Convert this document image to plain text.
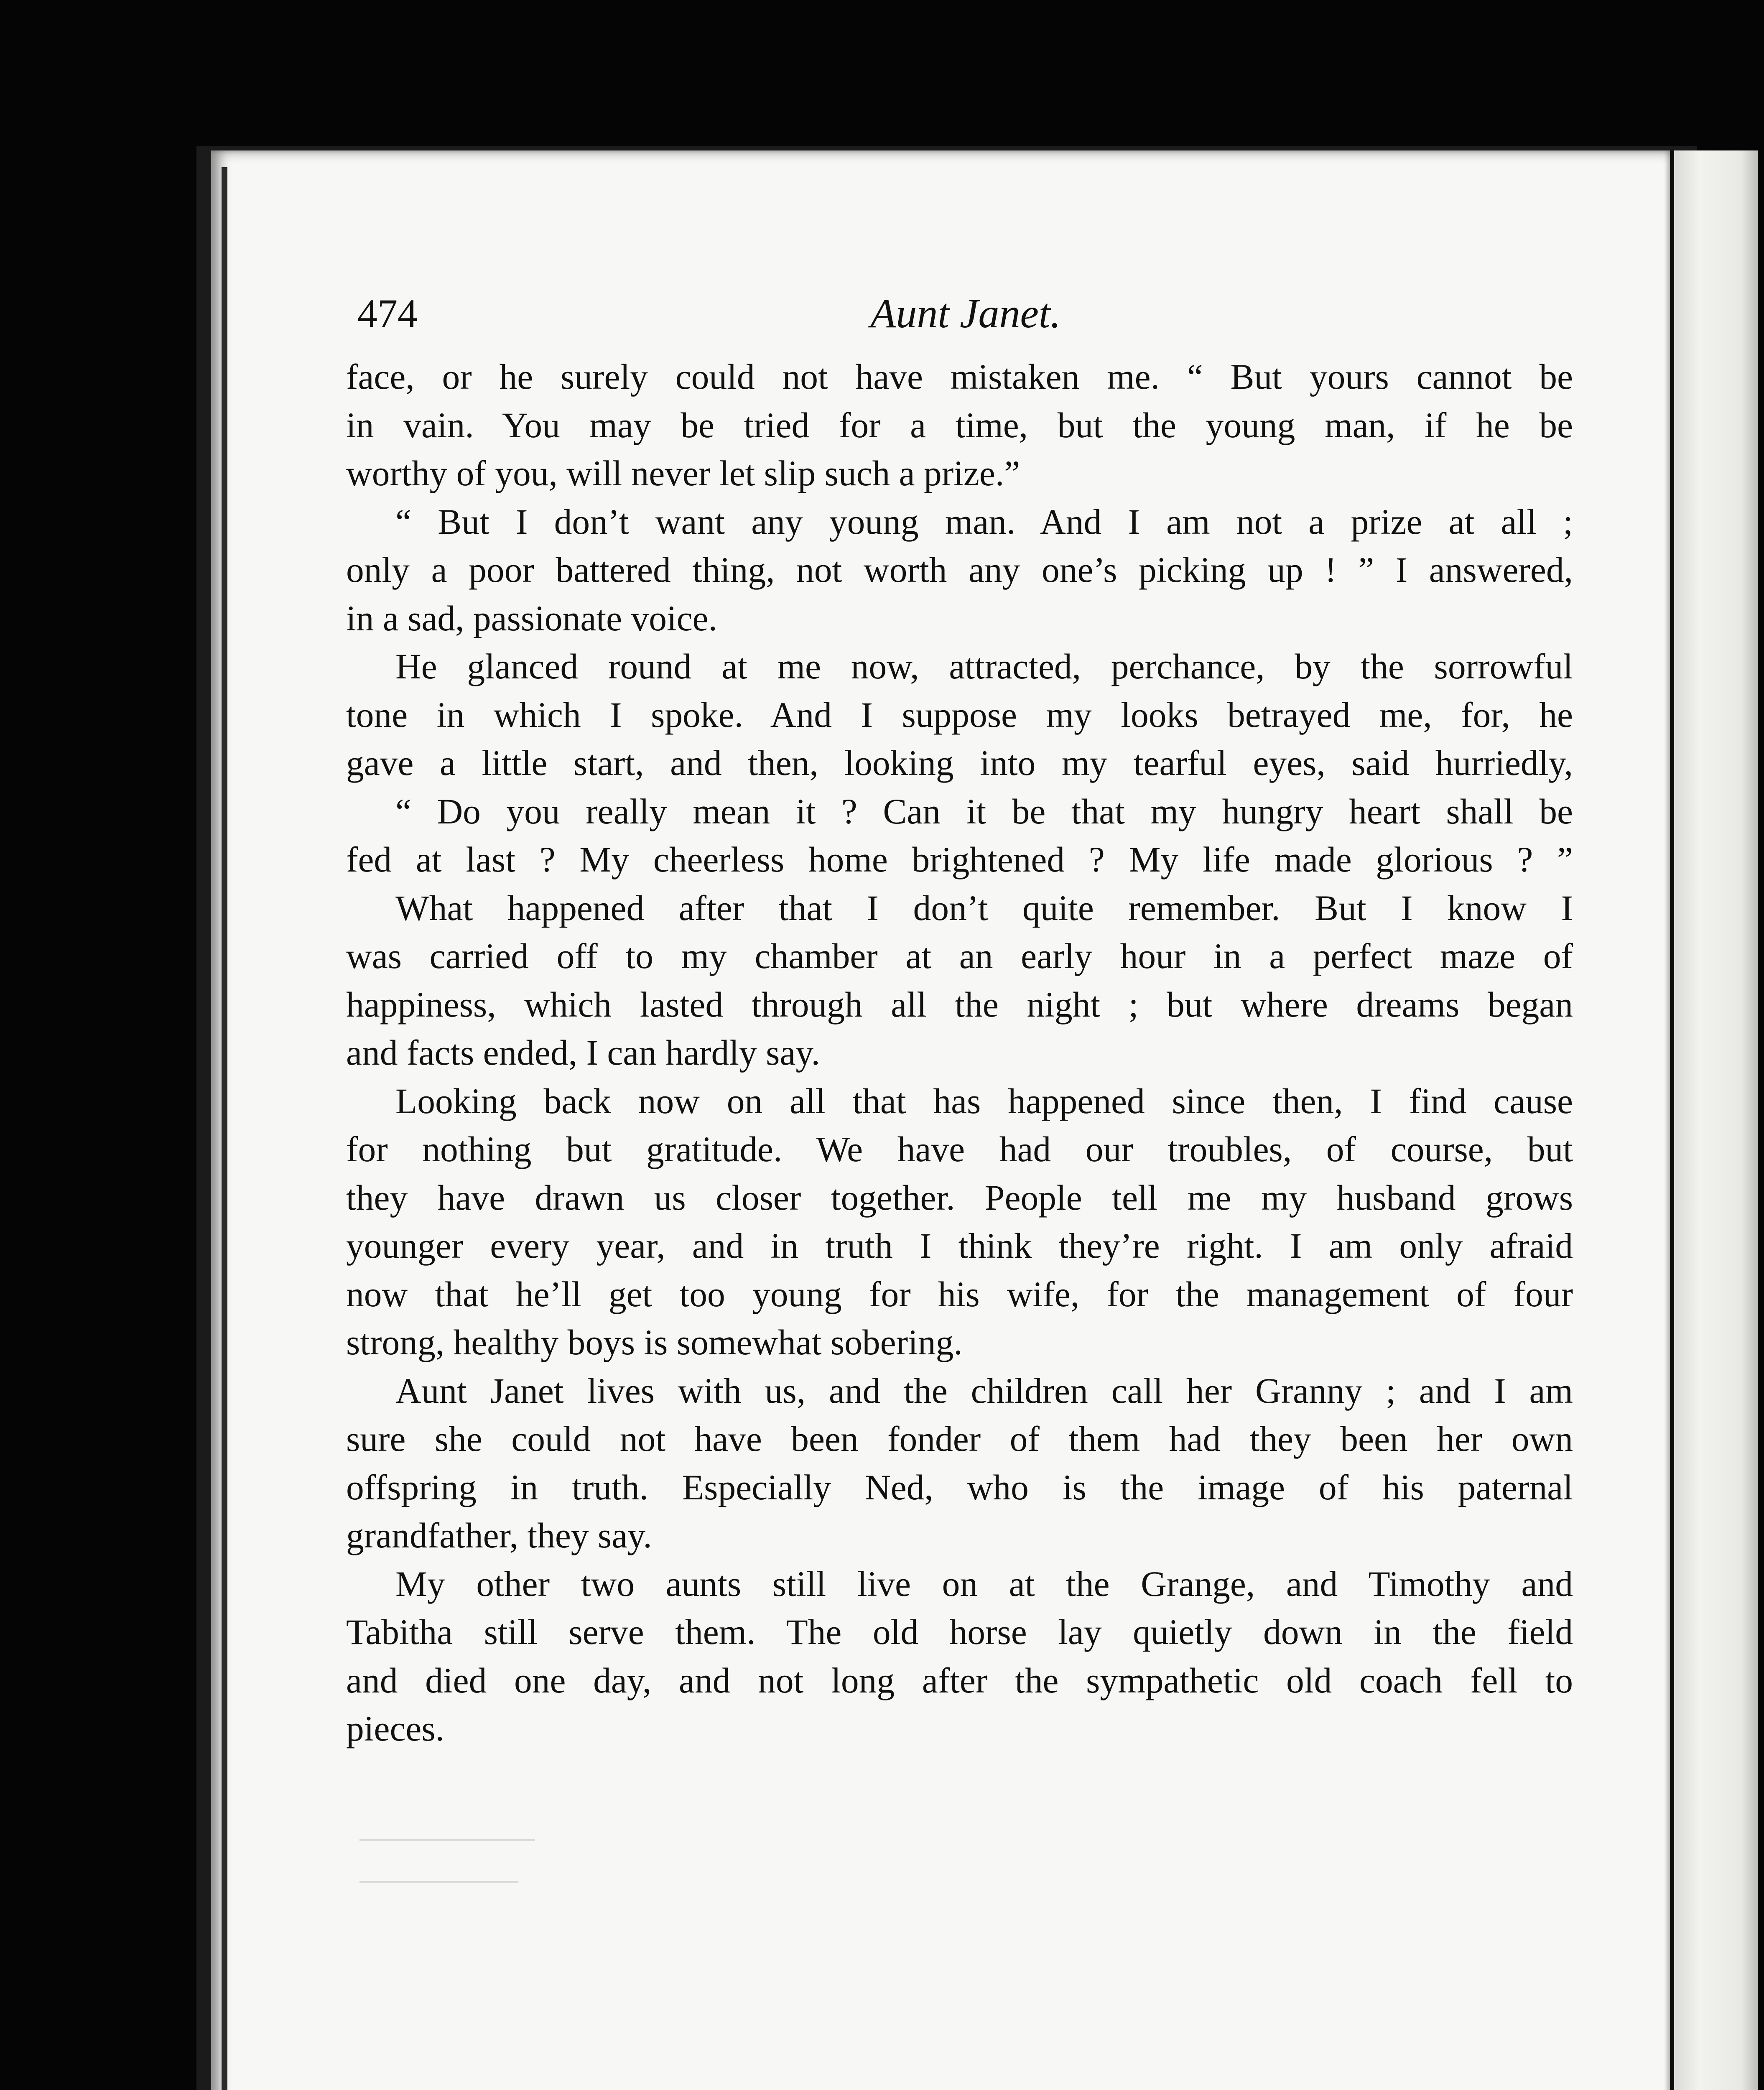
474	Aunt Janet.
face, or he surely could not have mistaken me. “ But yours cannot be
in vain. You may be tried for a time, but the young man, if he be
worthy of you, will never let slip such a prize.”
“ But I don’t want any young man. And I am not a prize at all ;
only a poor battered thing, not worth any one’s picking up ! ” I answered,
in a sad, passionate voice.
He glanced round at me now, attracted, perchance, by the sorrowful
tone in which I spoke. And I suppose my looks betrayed me, for, he
gave a little start, and then, looking into my tearful eyes, said hurriedly,
“ Do you really mean it ? Can it be that my hungry heart shall be
fed at last ? My cheerless home brightened ? My life made glorious ? ”
What happened after that I don’t quite remember. But I know I
was carried off to my chamber at an early hour in a perfect maze of
happiness, which lasted through all the night ; but where dreams began
and facts ended, I can hardly say.
Looking back now on all that has happened since then, I find cause
for nothing but gratitude. We have had our troubles, of course, but
they have drawn us closer together. People tell me my husband grows
younger every year, and in truth I think they’re right. I am only afraid
now that he’ll get too young for his wife, for the management of four
strong, healthy boys is somewhat sobering.
Aunt Janet lives with us, and the children call her Granny ; and I am
sure she could not have been fonder of them had they been her own
offspring in truth. Especially Ned, who is the image of his paternal
grandfather, they say.
My other two aunts still live on at the Grange, and Timothy and
Tabitha still serve them. The old horse lay quietly down in the field
and died one day, and not long after the sympathetic old coach fell to
pieces.
